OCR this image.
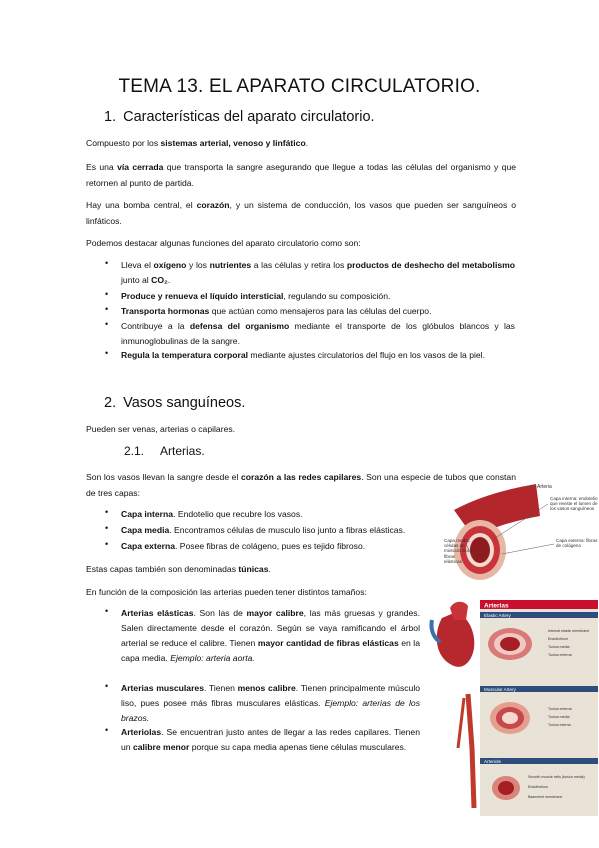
TEMA 13. EL APARATO CIRCULATORIO.
1. Características del aparato circulatorio.
Compuesto por los sistemas arterial, venoso y linfático.
Es una vía cerrada que transporta la sangre asegurando que llegue a todas las células del organismo y que retornen al punto de partida.
Hay una bomba central, el corazón, y un sistema de conducción, los vasos que pueden ser sanguíneos o linfáticos.
Podemos destacar algunas funciones del aparato circulatorio como son:
• Lleva el oxígeno y los nutrientes a las células y retira los productos de deshecho del metabolismo junto al CO₂.
• Produce y renueva el líquido intersticial, regulando su composición.
• Transporta hormonas que actúan como mensajeros para las células del cuerpo.
• Contribuye a la defensa del organismo mediante el transporte de los glóbulos blancos y las inmunoglobulinas de la sangre.
• Regula la temperatura corporal mediante ajustes circulatorios del flujo en los vasos de la piel.
2. Vasos sanguíneos.
Pueden ser venas, arterias o capilares.
2.1. Arterias.
Son los vasos llevan la sangre desde el corazón a las redes capilares. Son una especie de tubos que constan de tres capas:
• Capa interna. Endotelio que recubre los vasos.
• Capa media. Encontramos células de musculo liso junto a fibras elásticas.
• Capa externa. Posee fibras de colágeno, pues es tejido fibroso.
Estas capas también son denominadas túnicas.
En función de la composición las arterias pueden tener distintos tamaños:
• Arterias elásticas. Son las de mayor calibre, las más gruesas y grandes. Salen directamente desde el corazón. Según se vaya ramificando el árbol arterial se reduce el calibre. Tienen mayor cantidad de fibras elásticas en la capa media. Ejemplo: arteria aorta.
• Arterias musculares. Tienen menos calibre. Tienen principalmente músculo liso, pues posee más fibras musculares elásticas. Ejemplo: arterias de los brazos.
• Arteriolas. Se encuentran justo antes de llegar a las redes capilares. Tienen un calibre menor porque su capa media apenas tiene células musculares.
Arteria
Capa interna: endotelio que reviste el lumen de los vasos sanguíneos
Capa externa: fibras de colágeno
Capa media: células de músculo liso y fibras elásticas
Arterias
Elastic Artery
Internal elastic membrane
Endothelium
Tunica media
Tunica externa
Muscular Artery
Tunica externa
Tunica media
Tunica interna
Arteriole
Smooth muscle cells (tunica media)
Endothelium
Basement membrane
